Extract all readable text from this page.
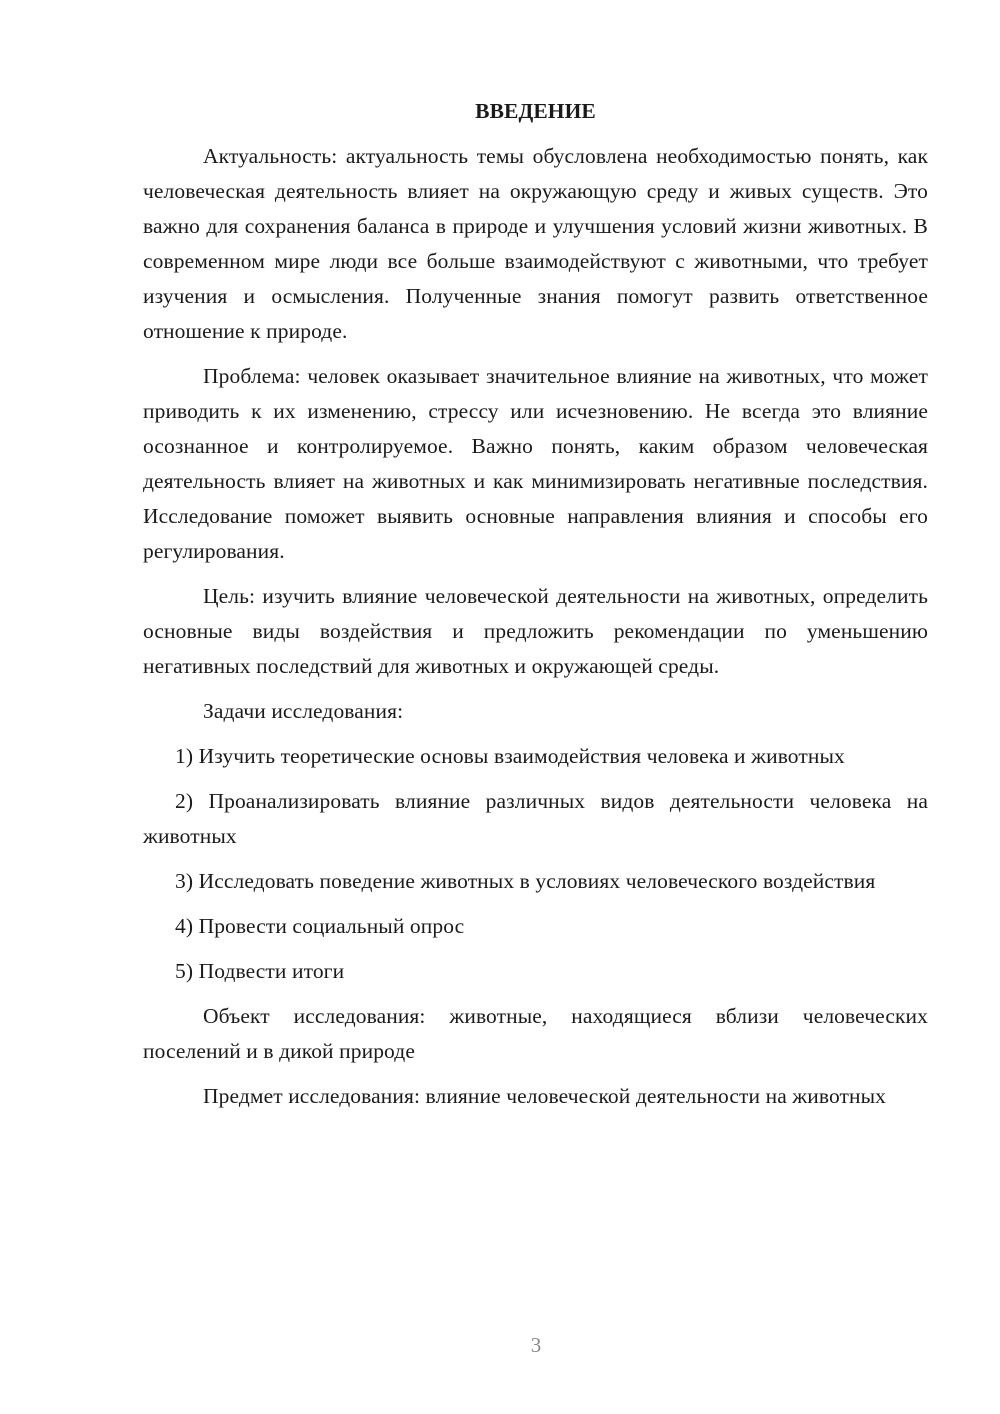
ВВЕДЕНИЕ

Актуальность: актуальность темы обусловлена необходимостью понять, как человеческая деятельность влияет на окружающую среду и живых существ. Это важно для сохранения баланса в природе и улучшения условий жизни животных. В современном мире люди все больше взаимодействуют с животными, что требует изучения и осмысления. Полученные знания помогут развить ответственное отношение к природе.

Проблема: человек оказывает значительное влияние на животных, что может приводить к их изменению, стрессу или исчезновению. Не всегда это влияние осознанное и контролируемое. Важно понять, каким образом человеческая деятельность влияет на животных и как минимизировать негативные последствия. Исследование поможет выявить основные направления влияния и способы его регулирования.

Цель: изучить влияние человеческой деятельности на животных, определить основные виды воздействия и предложить рекомендации по уменьшению негативных последствий для животных и окружающей среды.

Задачи исследования:

1) Изучить теоретические основы взаимодействия человека и животных

2) Проанализировать влияние различных видов деятельности человека на животных

3) Исследовать поведение животных в условиях человеческого воздействия

4) Провести социальный опрос

5) Подвести итоги

Объект исследования: животные, находящиеся вблизи человеческих поселений и в дикой природе

Предмет исследования: влияние человеческой деятельности на животных

3
